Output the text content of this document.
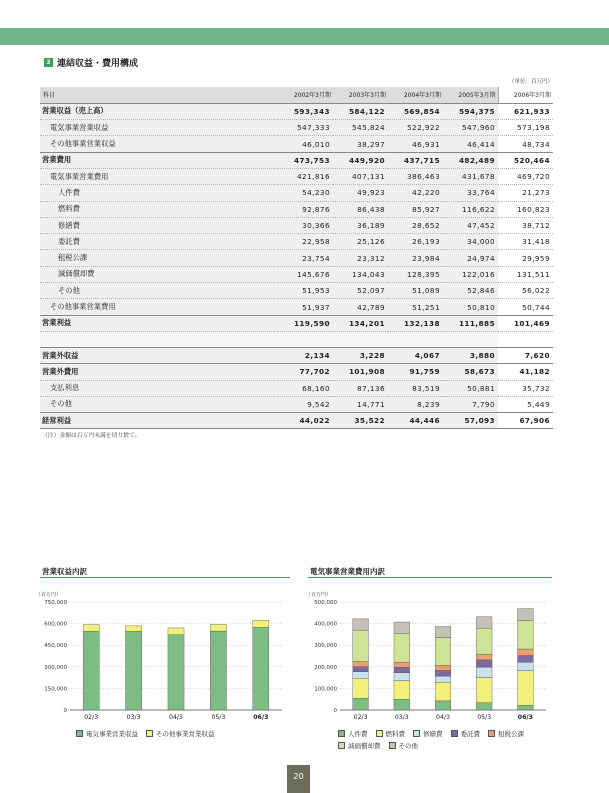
3 連結収益・費用構成
（単位：百万円）
科目	2002年3月期	2003年3月期	2004年3月期	2005年3月期	2006年3月期
営業収益（売上高）	593,343	584,122	569,854	594,375	621,933
電気事業営業収益	547,333	545,824	522,922	547,960	573,198
その他事業営業収益	46,010	38,297	46,931	46,414	48,734
営業費用	473,753	449,920	437,715	482,489	520,464
電気事業営業費用	421,816	407,131	386,463	431,678	469,720
人件費	54,230	49,923	42,220	33,764	21,273
燃料費	92,876	86,438	85,927	116,622	160,823
修繕費	30,366	36,189	28,652	47,452	38,712
委託費	22,958	25,126	26,193	34,000	31,418
租税公課	23,754	23,312	23,984	24,974	29,959
減価償却費	145,676	134,043	128,395	122,016	131,511
その他	51,953	52,097	51,089	52,846	56,022
その他事業営業費用	51,937	42,789	51,251	50,810	50,744
営業利益	119,590	134,201	132,138	111,885	101,469

営業外収益	2,134	3,228	4,067	3,880	7,620
営業外費用	77,702	101,908	91,759	58,673	41,182
支払利息	68,160	87,136	83,519	50,881	35,732
その他	9,542	14,771	8,239	7,790	5,449
経常利益	44,022	35,522	44,446	57,093	67,906
（注）金額は百万円未満を切り捨て。
営業収益内訳
（百万円）
0
150,000
300,000
450,000
600,000
750,000
02/3	03/3	04/3	05/3	06/3
電気事業営業収益	その他事業営業収益
電気事業営業費用内訳
（百万円）
0
100,000
200,000
300,000
400,000
500,000
02/3	03/3	04/3	05/3	06/3
人件費	燃料費	修繕費	委託費	租税公課
減価償却費	その他
20
